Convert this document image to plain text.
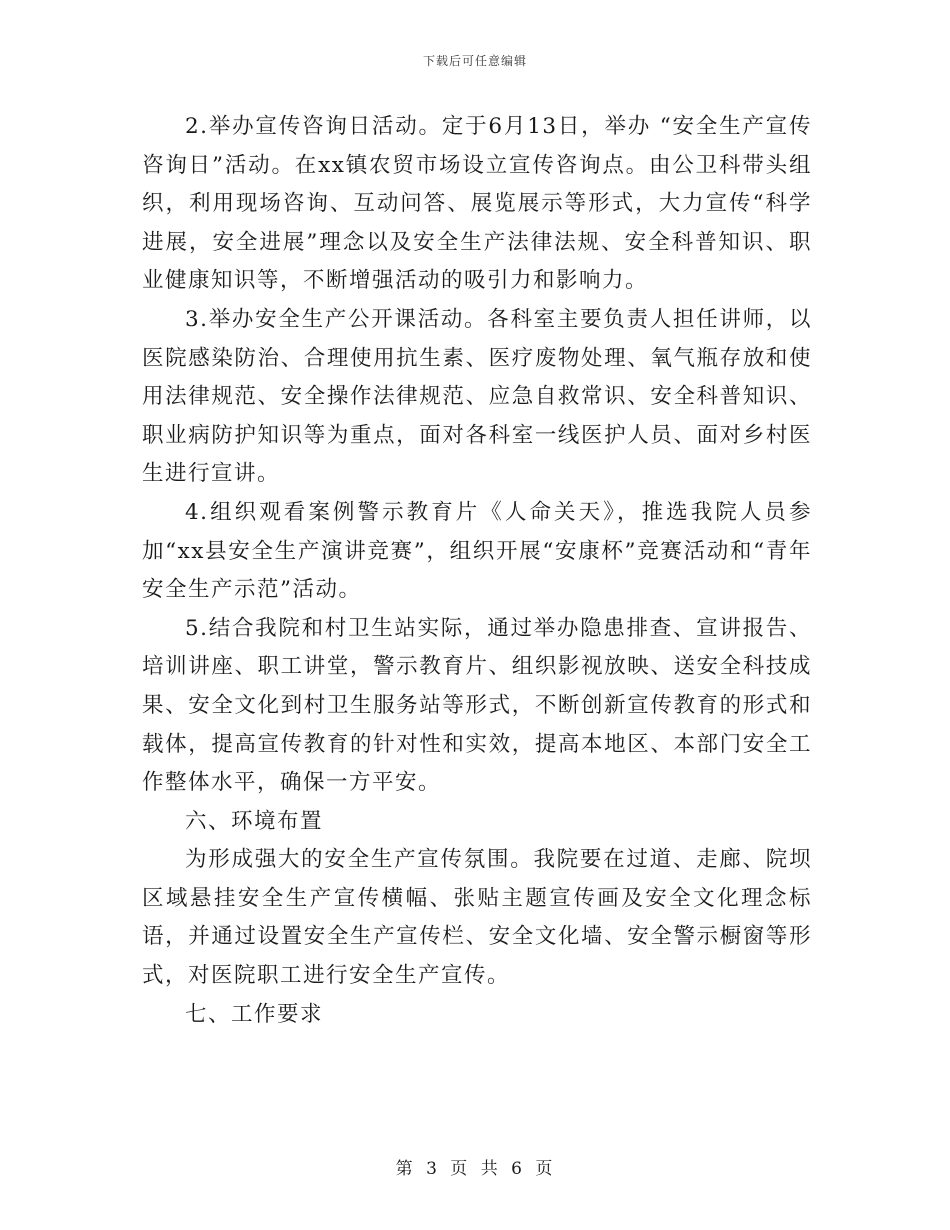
下载后可任意编辑

2.举办宣传咨询日活动。定于6月13日，举办 “安全生产宣传咨询日”活动。在xx镇农贸市场设立宣传咨询点。由公卫科带头组织，利用现场咨询、互动问答、展览展示等形式，大力宣传“科学进展，安全进展”理念以及安全生产法律法规、安全科普知识、职业健康知识等，不断增强活动的吸引力和影响力。

3.举办安全生产公开课活动。各科室主要负责人担任讲师，以医院感染防治、合理使用抗生素、医疗废物处理、氧气瓶存放和使用法律规范、安全操作法律规范、应急自救常识、安全科普知识、职业病防护知识等为重点，面对各科室一线医护人员、面对乡村医生进行宣讲。

4.组织观看案例警示教育片《人命关天》，推选我院人员参加“xx县安全生产演讲竞赛”，组织开展“安康杯”竞赛活动和“青年安全生产示范”活动。

5.结合我院和村卫生站实际，通过举办隐患排查、宣讲报告、培训讲座、职工讲堂，警示教育片、组织影视放映、送安全科技成果、安全文化到村卫生服务站等形式，不断创新宣传教育的形式和载体，提高宣传教育的针对性和实效，提高本地区、本部门安全工作整体水平，确保一方平安。

六、环境布置

为形成强大的安全生产宣传氛围。我院要在过道、走廊、院坝区域悬挂安全生产宣传横幅、张贴主题宣传画及安全文化理念标语，并通过设置安全生产宣传栏、安全文化墙、安全警示橱窗等形式，对医院职工进行安全生产宣传。

七、工作要求

第 3 页 共 6 页
